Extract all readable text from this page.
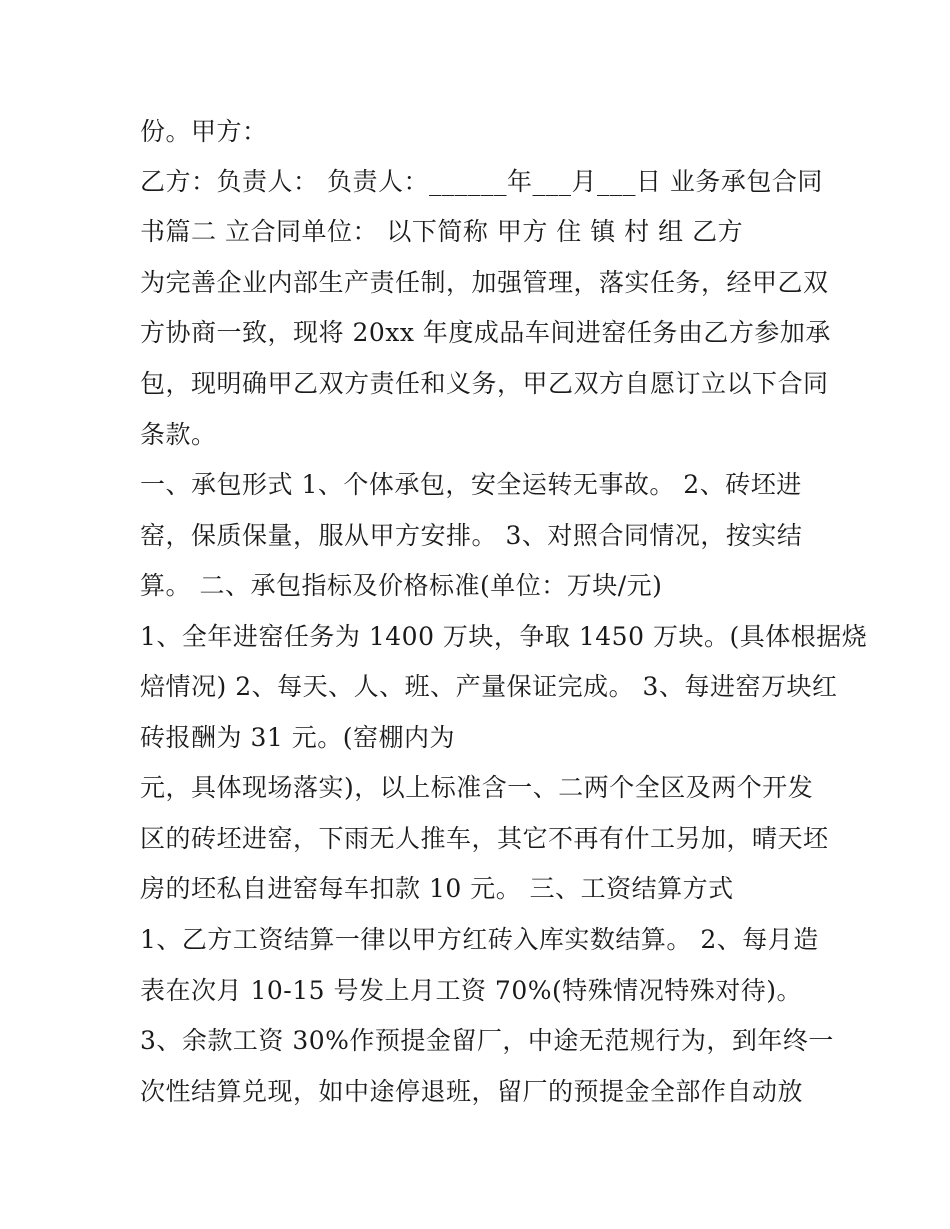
份。甲方：
乙方：负责人： 负责人：______年___月___日 业务承包合同
书篇二 立合同单位： 以下简称 甲方 住 镇 村 组 乙方
为完善企业内部生产责任制，加强管理，落实任务，经甲乙双
方协商一致，现将 20xx 年度成品车间进窑任务由乙方参加承
包，现明确甲乙双方责任和义务，甲乙双方自愿订立以下合同
条款。
一、承包形式 1、个体承包，安全运转无事故。 2、砖坯进
窑，保质保量，服从甲方安排。 3、对照合同情况，按实结
算。 二、承包指标及价格标准(单位：万块/元)
1、全年进窑任务为 1400 万块，争取 1450 万块。(具体根据烧
焙情况) 2、每天、人、班、产量保证完成。 3、每进窑万块红
砖报酬为 31 元。(窑棚内为
元，具体现场落实)，以上标准含一、二两个全区及两个开发
区的砖坯进窑，下雨无人推车，其它不再有什工另加，晴天坯
房的坯私自进窑每车扣款 10 元。 三、工资结算方式
1、乙方工资结算一律以甲方红砖入库实数结算。 2、每月造
表在次月 10-15 号发上月工资 70%(特殊情况特殊对待)。
3、余款工资 30%作预提金留厂，中途无范规行为，到年终一
次性结算兑现，如中途停退班，留厂的预提金全部作自动放
